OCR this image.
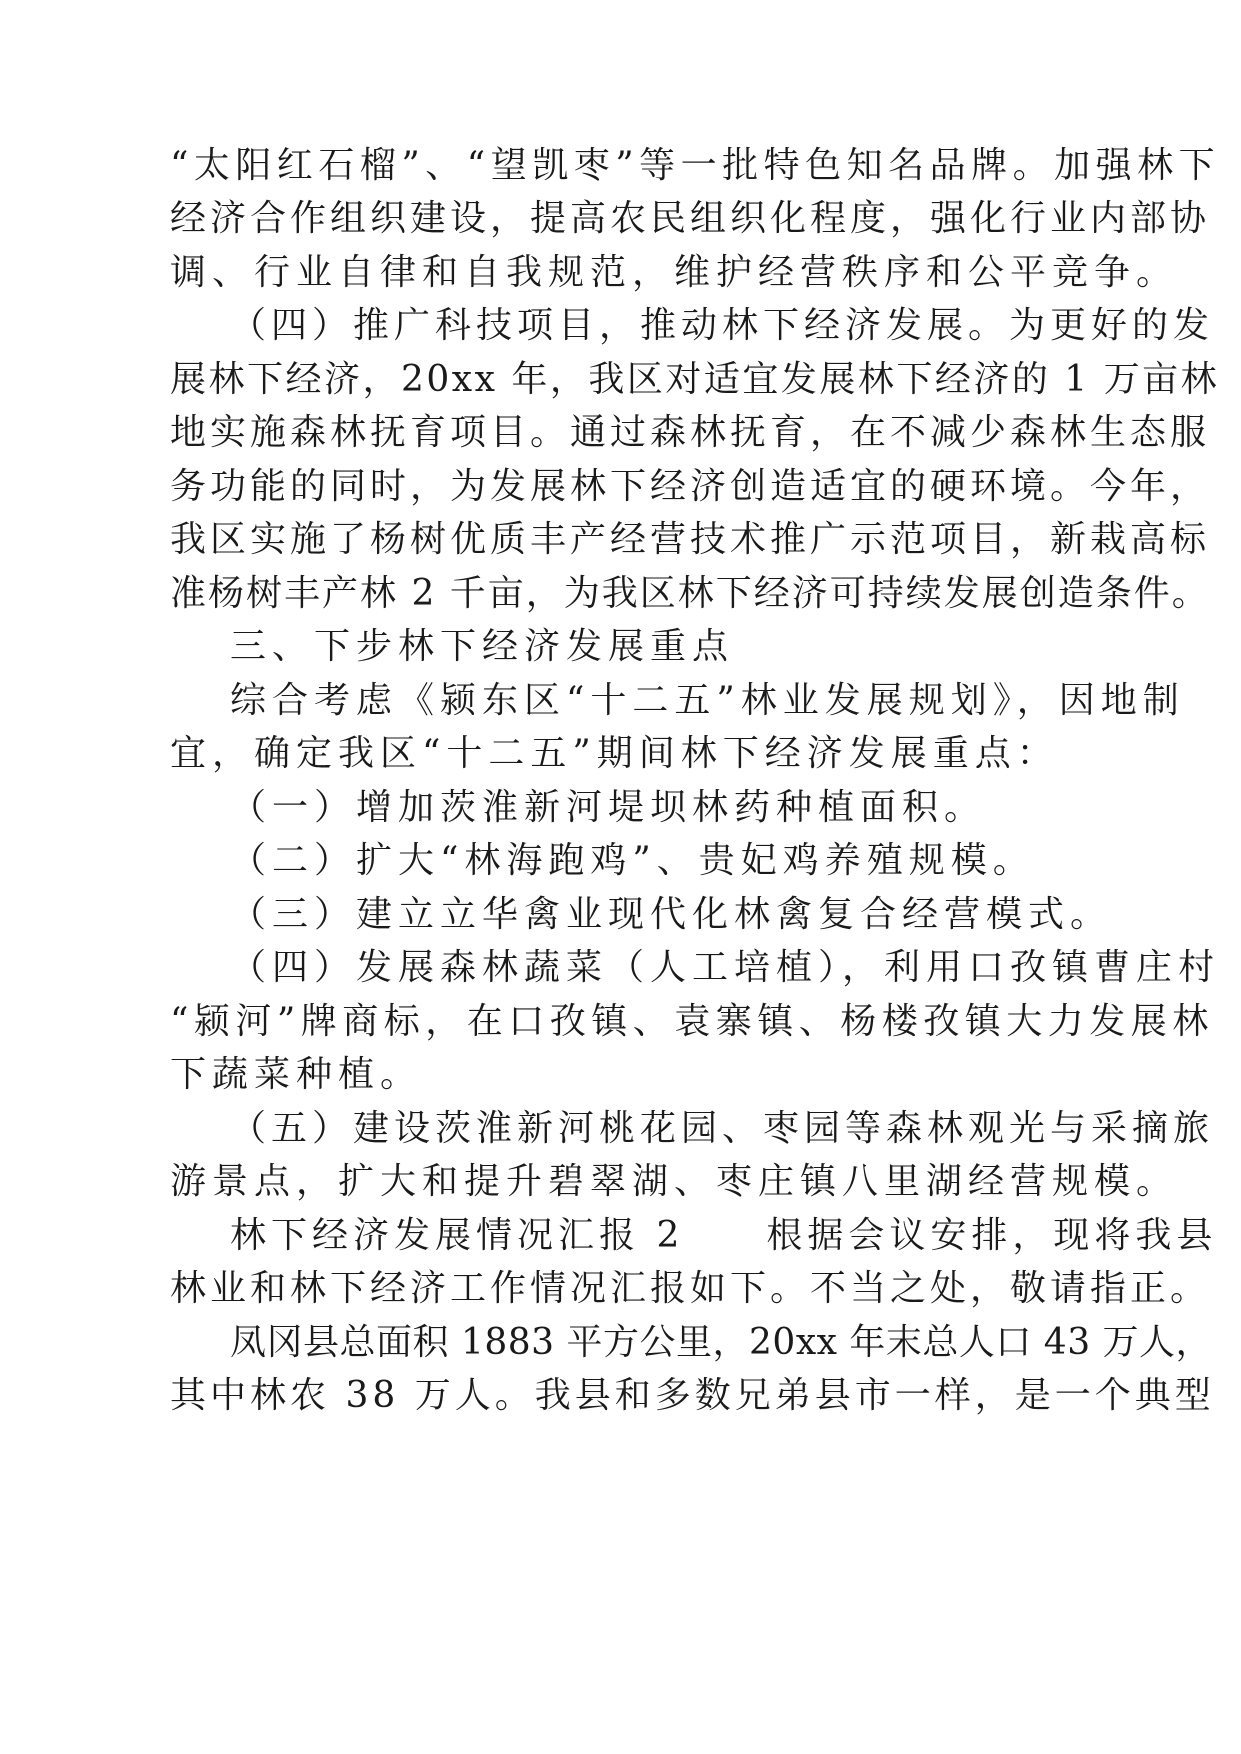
“太阳红石榴”、“望凯枣”等一批特色知名品牌。加强林下
经济合作组织建设，提高农民组织化程度，强化行业内部协
调、行业自律和自我规范，维护经营秩序和公平竞争。
（四）推广科技项目，推动林下经济发展。为更好的发
展林下经济，20xx 年，我区对适宜发展林下经济的 1 万亩林
地实施森林抚育项目。通过森林抚育，在不减少森林生态服
务功能的同时，为发展林下经济创造适宜的硬环境。今年，
我区实施了杨树优质丰产经营技术推广示范项目，新栽高标
准杨树丰产林 2 千亩，为我区林下经济可持续发展创造条件。
三、下步林下经济发展重点
综合考虑《颍东区“十二五”林业发展规划》，因地制
宜，确定我区“十二五”期间林下经济发展重点：
（一）增加茨淮新河堤坝林药种植面积。
（二）扩大“林海跑鸡”、贵妃鸡养殖规模。
（三）建立立华禽业现代化林禽复合经营模式。
（四）发展森林蔬菜（人工培植），利用口孜镇曹庄村
“颍河”牌商标，在口孜镇、袁寨镇、杨楼孜镇大力发展林
下蔬菜种植。
（五）建设茨淮新河桃花园、枣园等森林观光与采摘旅
游景点，扩大和提升碧翠湖、枣庄镇八里湖经营规模。
林下经济发展情况汇报 2　　根据会议安排，现将我县
林业和林下经济工作情况汇报如下。不当之处，敬请指正。
凤冈县总面积 1883 平方公里，20xx 年末总人口 43 万人，
其中林农 38 万人。我县和多数兄弟县市一样，是一个典型
